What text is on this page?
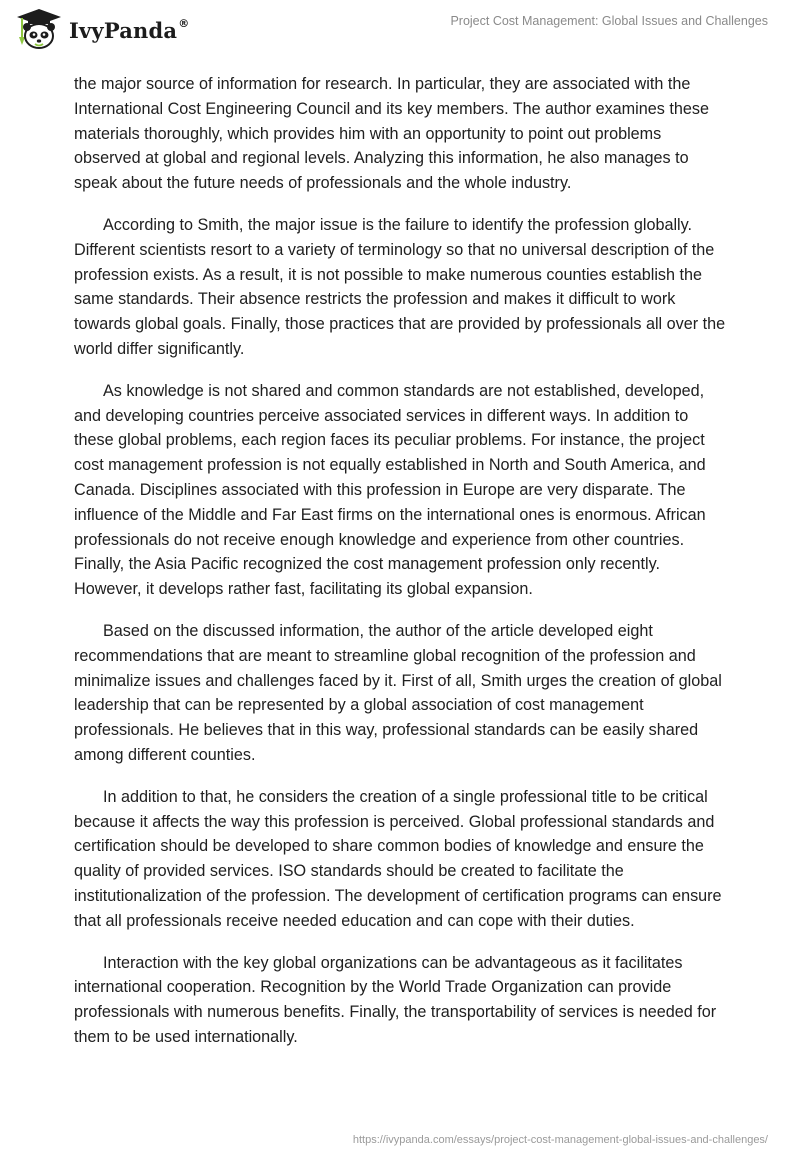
IvyPanda®	Project Cost Management: Global Issues and Challenges

the major source of information for research. In particular, they are associated with the International Cost Engineering Council and its key members. The author examines these materials thoroughly, which provides him with an opportunity to point out problems observed at global and regional levels. Analyzing this information, he also manages to speak about the future needs of professionals and the whole industry.

According to Smith, the major issue is the failure to identify the profession globally. Different scientists resort to a variety of terminology so that no universal description of the profession exists. As a result, it is not possible to make numerous counties establish the same standards. Their absence restricts the profession and makes it difficult to work towards global goals. Finally, those practices that are provided by professionals all over the world differ significantly.

As knowledge is not shared and common standards are not established, developed, and developing countries perceive associated services in different ways. In addition to these global problems, each region faces its peculiar problems. For instance, the project cost management profession is not equally established in North and South America, and Canada. Disciplines associated with this profession in Europe are very disparate. The influence of the Middle and Far East firms on the international ones is enormous. African professionals do not receive enough knowledge and experience from other countries. Finally, the Asia Pacific recognized the cost management profession only recently. However, it develops rather fast, facilitating its global expansion.

Based on the discussed information, the author of the article developed eight recommendations that are meant to streamline global recognition of the profession and minimalize issues and challenges faced by it. First of all, Smith urges the creation of global leadership that can be represented by a global association of cost management professionals. He believes that in this way, professional standards can be easily shared among different counties.

In addition to that, he considers the creation of a single professional title to be critical because it affects the way this profession is perceived. Global professional standards and certification should be developed to share common bodies of knowledge and ensure the quality of provided services. ISO standards should be created to facilitate the institutionalization of the profession. The development of certification programs can ensure that all professionals receive needed education and can cope with their duties.

Interaction with the key global organizations can be advantageous as it facilitates international cooperation. Recognition by the World Trade Organization can provide professionals with numerous benefits. Finally, the transportability of services is needed for them to be used internationally.

https://ivypanda.com/essays/project-cost-management-global-issues-and-challenges/
